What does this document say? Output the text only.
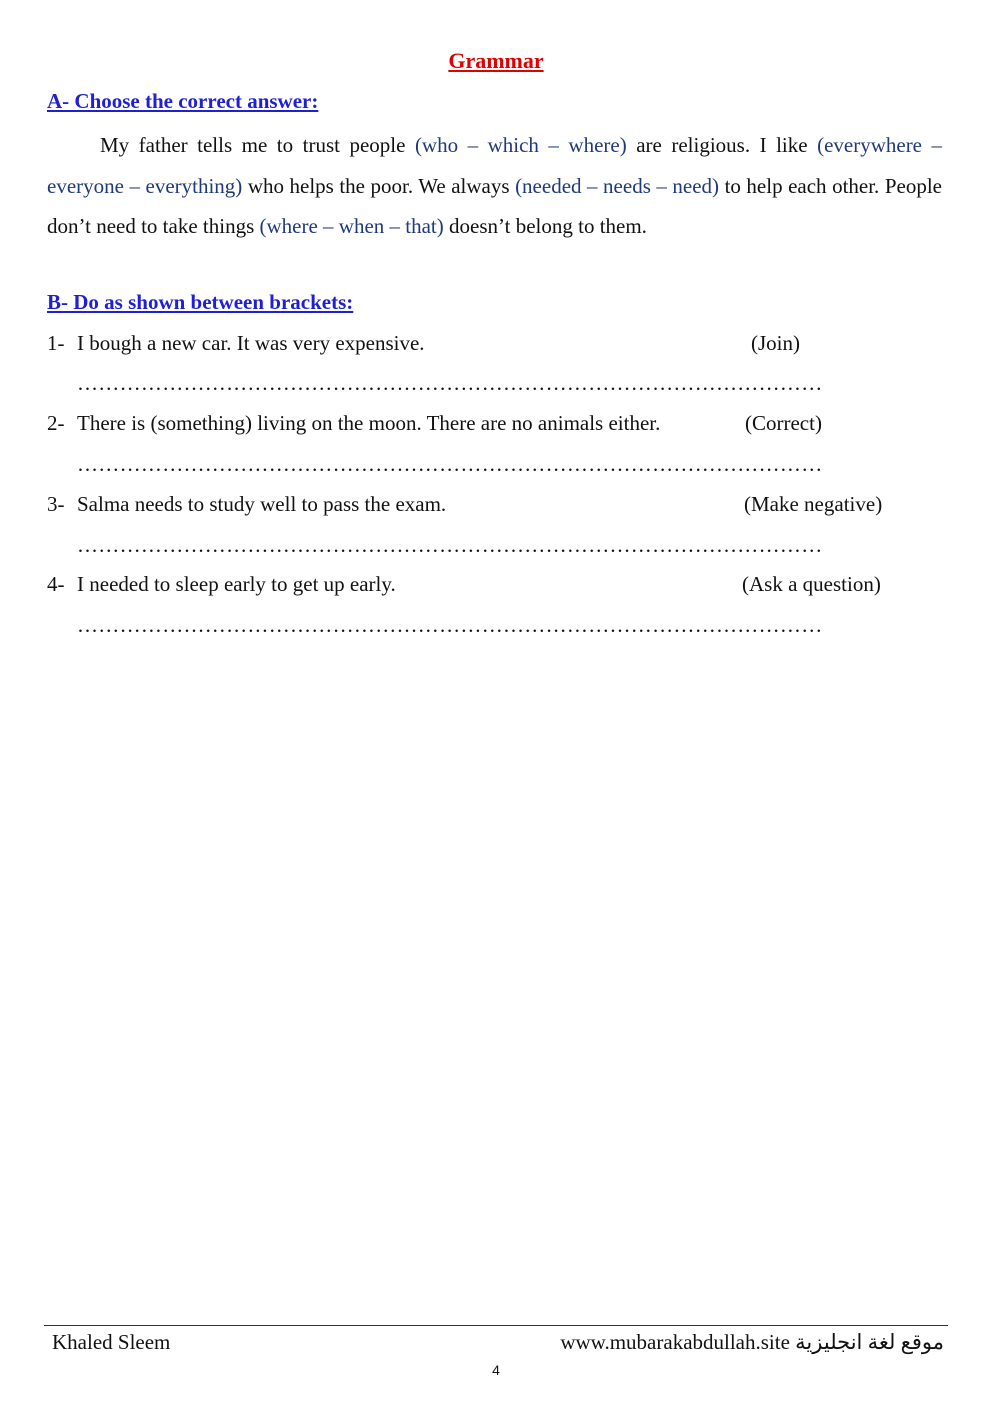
Grammar
A- Choose the correct answer:
My father tells me to trust people (who – which – where) are religious. I like (everywhere – everyone – everything) who helps the poor. We always (needed – needs – need) to help each other. People don’t need to take things (where – when – that) doesn’t belong to them.
B- Do as shown between brackets:
1- I bough a new car. It was very expensive.	(Join)
……………………………………………………………………………………………
2- There is (something) living on the moon. There are no animals either.	(Correct)
……………………………………………………………………………………………
3- Salma needs to study well to pass the exam.	(Make negative)
……………………………………………………………………………………………
4- I needed to sleep early to get up early.	(Ask a question)
……………………………………………………………………………………………
Khaled Sleem	www.mubarakabdullah.site موقع لغة انجليزية
4
